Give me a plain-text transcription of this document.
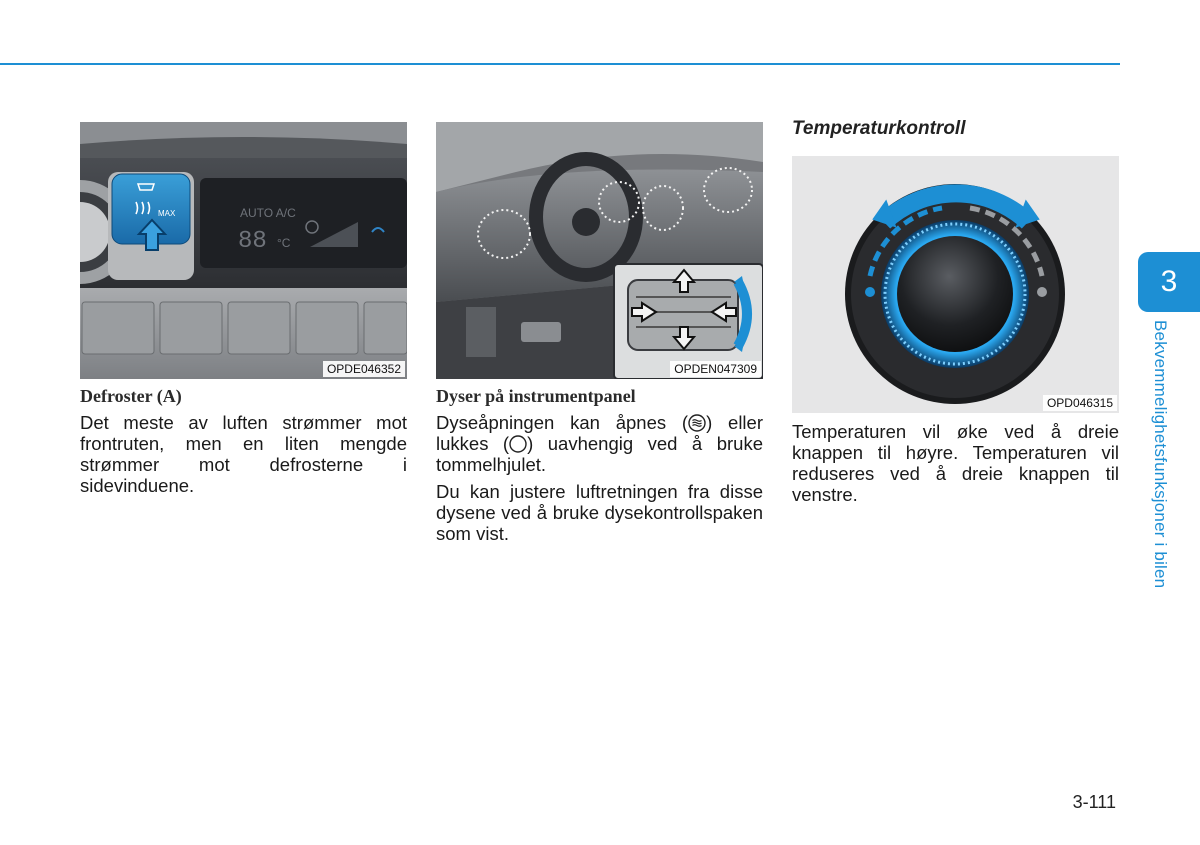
MAX	AUTO A/C
88 °C
OPDE046352
Defroster (A)

Det meste av luften strømmer mot frontruten, men en liten mengde strømmer mot defrosterne i sidevinduene.

OPDEN047309
Dyser på instrumentpanel

Dyseåpningen kan åpnes ( ) eller lukkes ( ) uavhengig ved å bruke tommelhjulet.

Du kan justere luftretningen fra disse dysene ved å bruke dysekontrollspaken som vist.

Temperaturkontroll
OPD046315

Temperaturen vil øke ved å dreie knappen til høyre. Temperaturen vil reduseres ved å dreie knappen til venstre.

3
Bekvemmelighetsfunksjoner i bilen
3-111
